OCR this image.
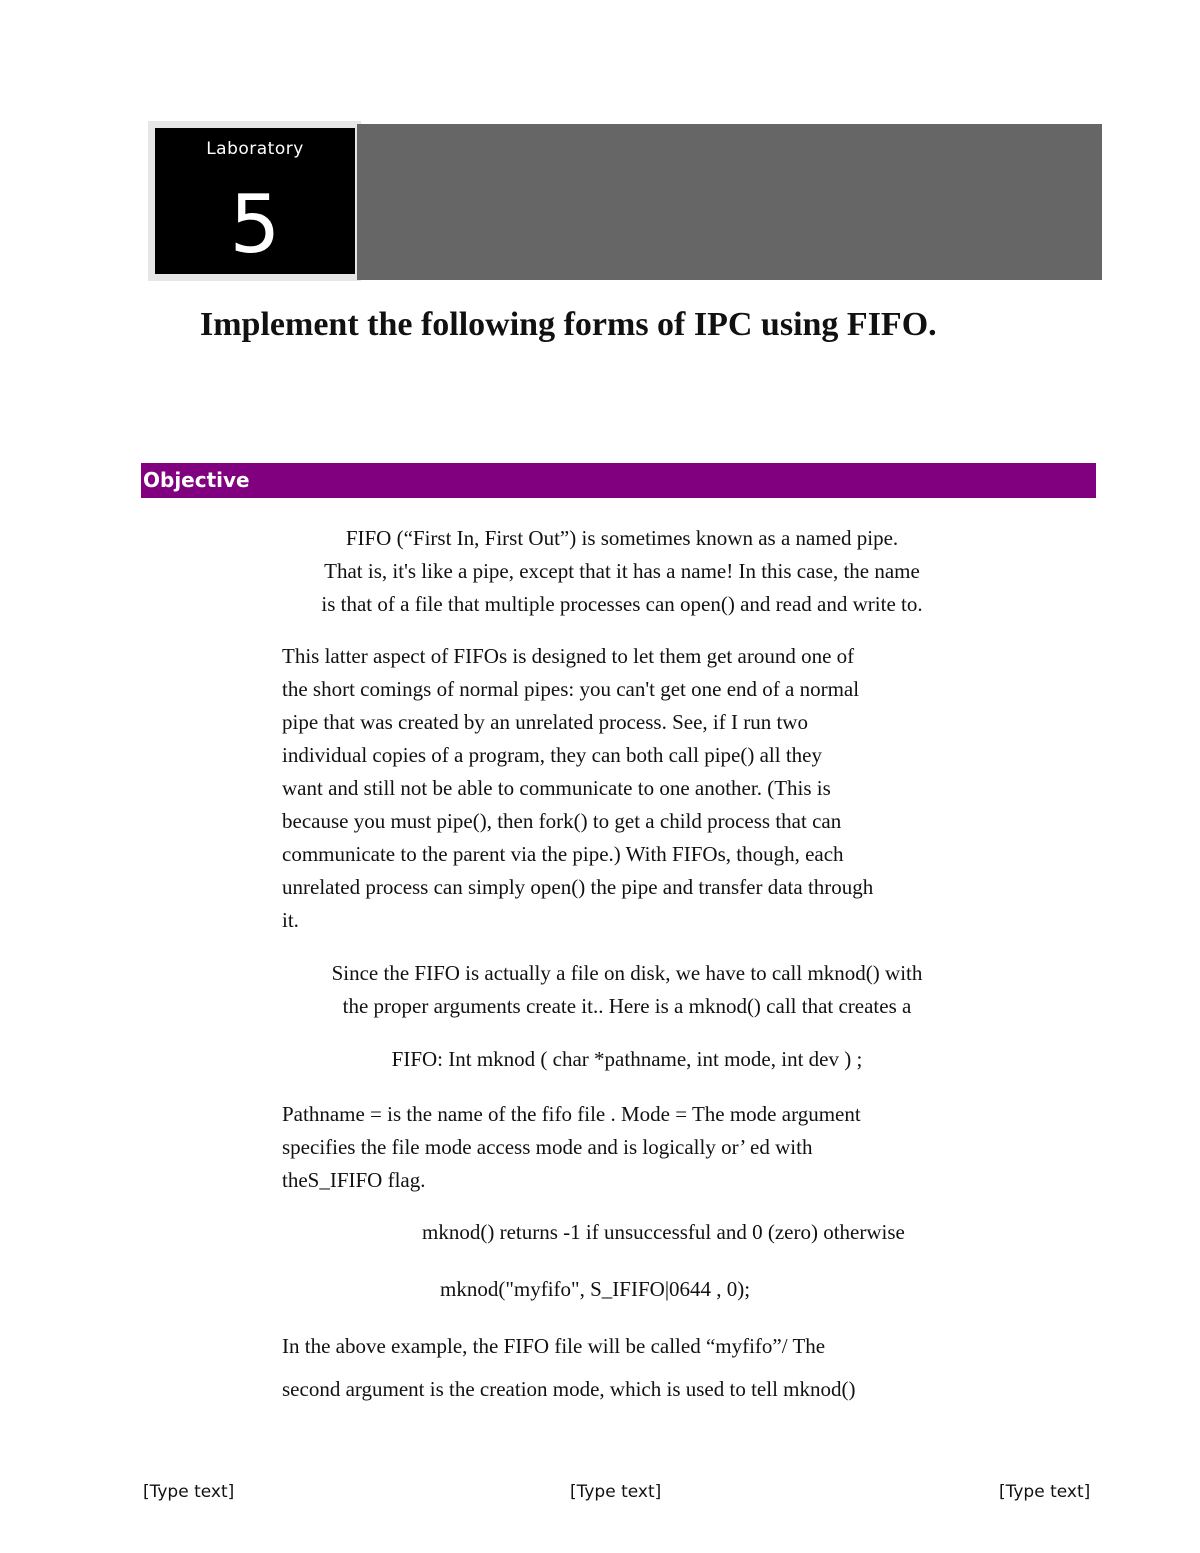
Laboratory
5
Implement the following forms of IPC using FIFO.
Objective

FIFO (“First In, First Out”) is sometimes known as a named pipe.
That is, it's like a pipe, except that it has a name! In this case, the name
is that of a file that multiple processes can open() and read and write to.

This latter aspect of FIFOs is designed to let them get around one of
the short comings of normal pipes: you can't get one end of a normal
pipe that was created by an unrelated process. See, if I run two
individual copies of a program, they can both call pipe() all they
want and still not be able to communicate to one another. (This is
because you must pipe(), then fork() to get a child process that can
communicate to the parent via the pipe.) With FIFOs, though, each
unrelated process can simply open() the pipe and transfer data through
it.

Since the FIFO is actually a file on disk, we have to call mknod() with
the proper arguments create it.. Here is a mknod() call that creates a

FIFO: Int mknod ( char *pathname, int mode, int dev ) ;

Pathname = is the name of the fifo file . Mode = The mode argument
specifies the file mode access mode and is logically or’ ed with
theS_IFIFO flag.

mknod() returns -1 if unsuccessful and 0 (zero) otherwise

mknod("myfifo", S_IFIFO|0644 , 0);

In the above example, the FIFO file will be called “myfifo”/ The
second argument is the creation mode, which is used to tell mknod()

[Type text]	[Type text]	[Type text]
